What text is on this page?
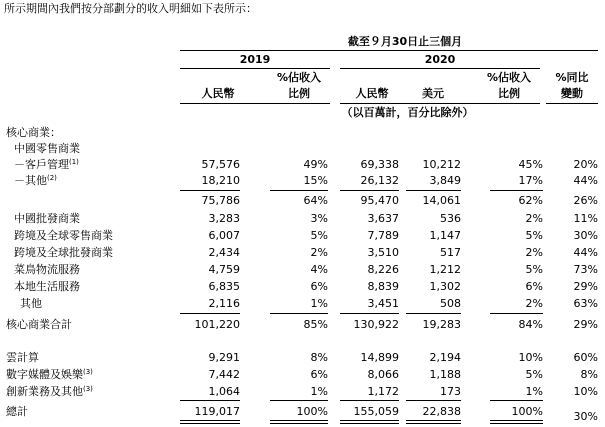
所示期間內我們按分部劃分的收入明細如下表所示：
截至９月30日止三個月
2019	2020
%佔收入	%佔收入	%同比
人民幣	比例	人民幣	美元	比例	變動
（以百萬計，百分比除外）
核心商業：
中國零售商業
－客戶管理$^{(1)}$	57,576	49%	69,338	10,212	45%	20%
－其他$^{(2)}$	18,210	15%	26,132	3,849	17%	44%
75,786	64%	95,470	14,061	62%	26%
中國批發商業	3,283	3%	3,637	536	2%	11%
跨境及全球零售商業	6,007	5%	7,789	1,147	5%	30%
跨境及全球批發商業	2,434	2%	3,510	517	2%	44%
菜鳥物流服務	4,759	4%	8,226	1,212	5%	73%
本地生活服務	6,835	6%	8,839	1,302	6%	29%
其他	2,116	1%	3,451	508	2%	63%
核心商業合計	101,220	85%	130,922	19,283	84%	29%
雲計算	9,291	8%	14,899	2,194	10%	60%
數字媒體及娛樂$^{(3)}$	7,442	6%	8,066	1,188	5%	8%
創新業務及其他$^{(3)}$	1,064	1%	1,172	173	1%	10%
總計	119,017	100%	155,059	22,838	100%	30%
